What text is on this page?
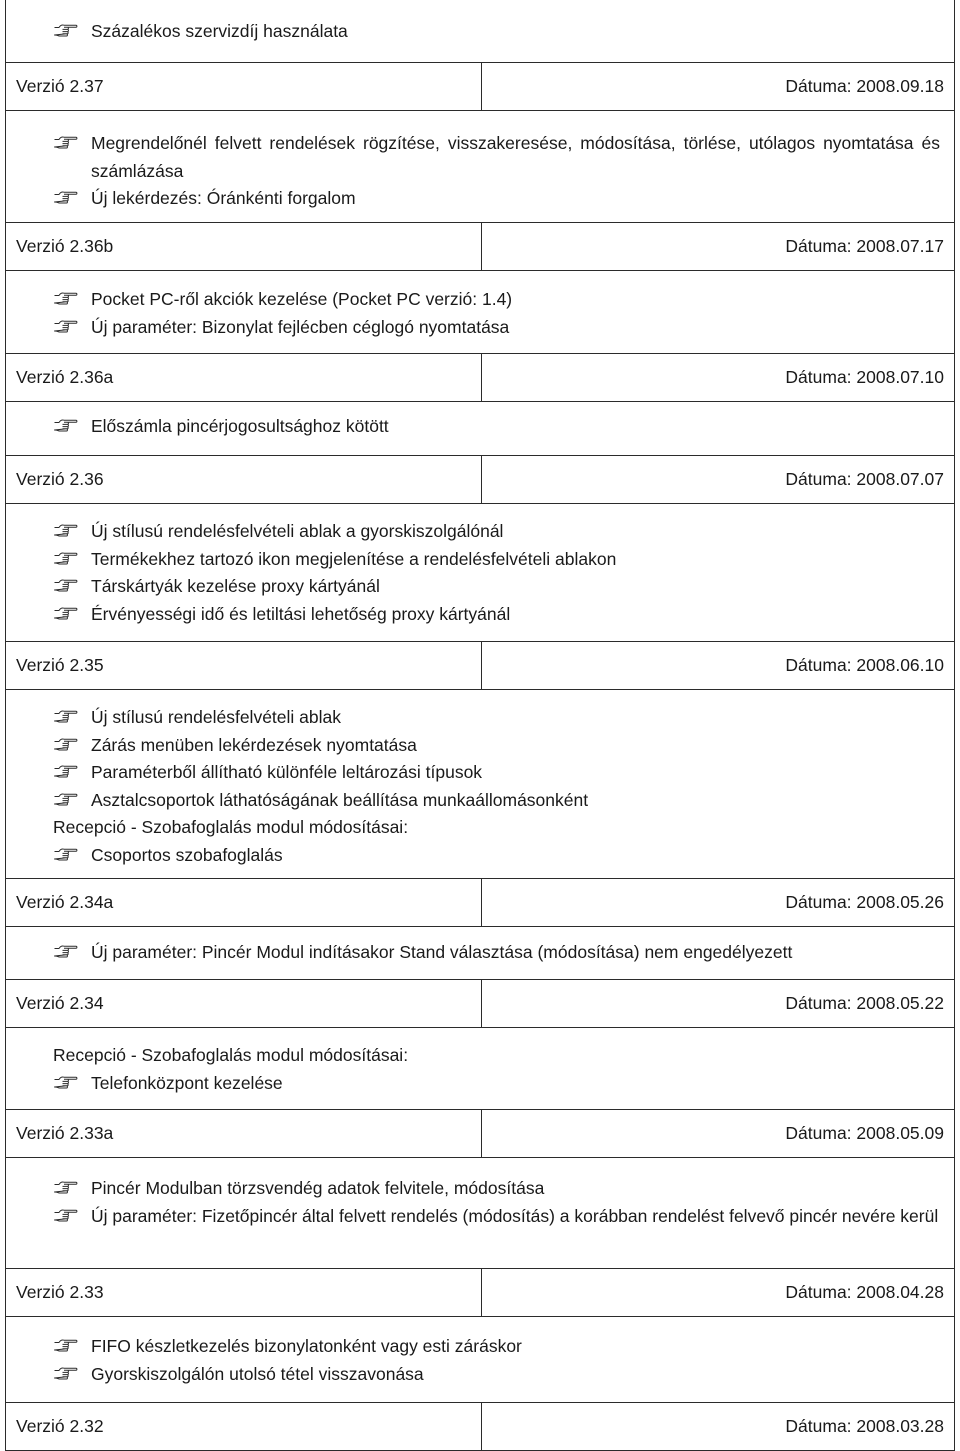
Százalékos szervizdíj használata
Verzió 2.37	Dátuma: 2008.09.18
Megrendelőnél felvett rendelések rögzítése, visszakeresése, módosítása, törlése, utólagos nyomtatása és számlázása
Új lekérdezés: Óránkénti forgalom
Verzió 2.36b	Dátuma: 2008.07.17
Pocket PC-ről akciók kezelése (Pocket PC verzió: 1.4)
Új paraméter: Bizonylat fejlécben céglogó nyomtatása
Verzió 2.36a	Dátuma: 2008.07.10
Előszámla pincérjogosultsághoz kötött
Verzió 2.36	Dátuma: 2008.07.07
Új stílusú rendelésfelvételi ablak a gyorskiszolgálónál
Termékekhez tartozó ikon megjelenítése a rendelésfelvételi ablakon
Társkártyák kezelése proxy kártyánál
Érvényességi idő és letiltási lehetőség proxy kártyánál
Verzió 2.35	Dátuma: 2008.06.10
Új stílusú rendelésfelvételi ablak
Zárás menüben lekérdezések nyomtatása
Paraméterből állítható különféle leltározási típusok
Asztalcsoportok láthatóságának beállítása munkaállomásonként
Recepció - Szobafoglalás modul módosításai:
Csoportos szobafoglalás
Verzió 2.34a	Dátuma: 2008.05.26
Új paraméter: Pincér Modul indításakor Stand választása (módosítása) nem engedélyezett
Verzió 2.34	Dátuma: 2008.05.22
Recepció - Szobafoglalás modul módosításai:
Telefonközpont kezelése
Verzió 2.33a	Dátuma: 2008.05.09
Pincér Modulban törzsvendég adatok felvitele, módosítása
Új paraméter: Fizetőpincér által felvett rendelés (módosítás) a korábban rendelést felvevő pincér nevére kerül
Verzió 2.33	Dátuma: 2008.04.28
FIFO készletkezelés bizonylatonként vagy esti záráskor
Gyorskiszolgálón utolsó tétel visszavonása
Verzió 2.32	Dátuma: 2008.03.28
